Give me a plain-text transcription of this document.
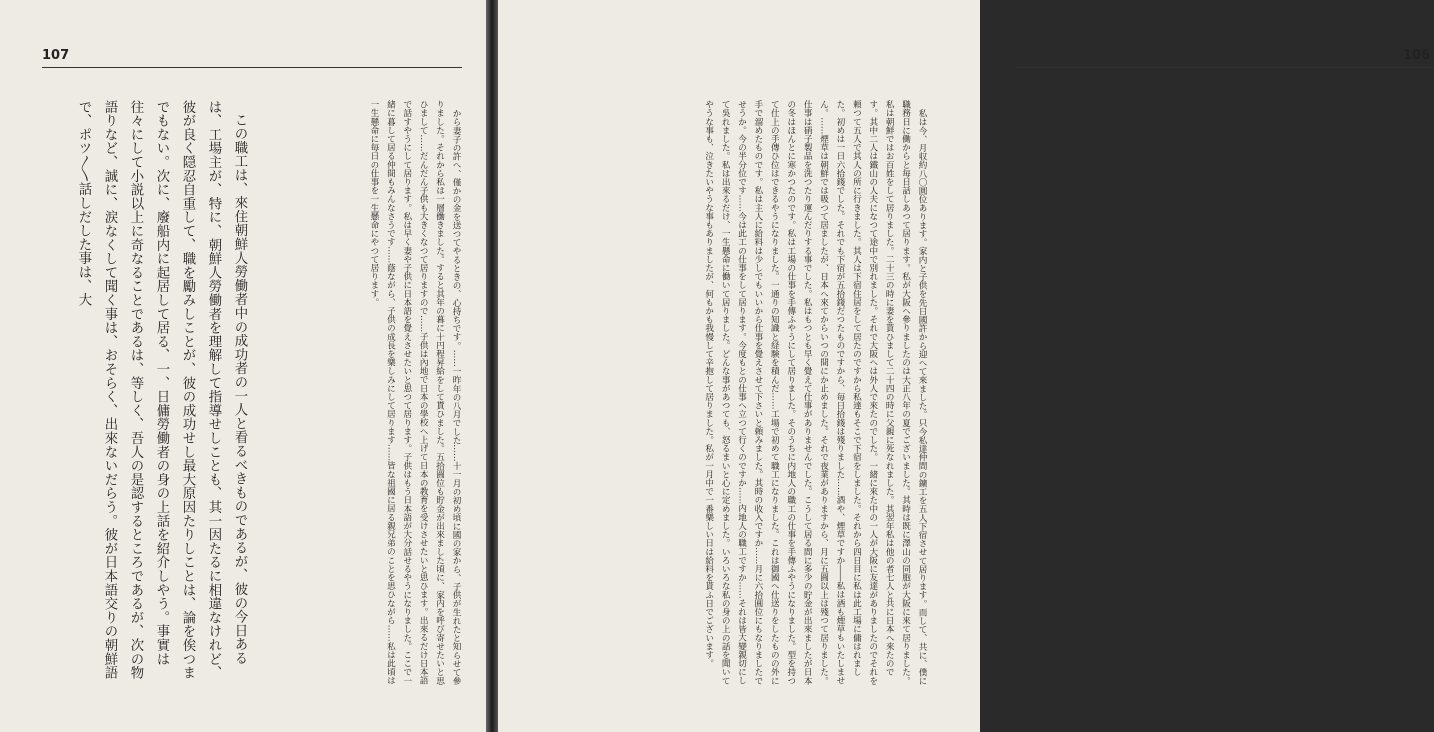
107	106

私は今、月収約八〇圓位あります。家内と子供を先日國許から迎へて來ました。只今私達仲間の鑛工を五人下宿させて居ります。而して、共に、僕に職務日に働からと毎日話しあつて居ります。私が大阪へ參りましたのは大正八年の夏でございました。其時は既に澤山の同胞が大阪に來て居りました。私は朝鮮ではお百姓をして居りました。二十三の時に妻を貰ひまして二十四の時に父親に死なれました。其翌年私は他の者七人と共に日本へ來たのです。其中二人は鐵山の人夫になつて途中で別れました。それで大阪へは外人で來たのでした。一緒に來た中の一人が大阪に友達がありましたのでそれを頼つて五人で其人の所に行きました。其人は下宿住居をして居たのですから私達もそこで下宿をしました。それから四日目に私は此工場に傭はれました。初めは一日六拾錢でした。それでも下宿が五拾錢だつたものですから、毎日拾錢は殘りました……酒や、煙草ですか――私は酒も煙草もいたしません。……煙草は朝鮮では吸つて居ましたが、日本へ來てからいつの間にか止めました。それで夜業がありますから、月に五圓以上は殘つて居りました。仕事は硝子製品を洗つたり運んだりする事でした。私はもつとも早く覺えて仕事がありませんでした。こうして居る間に多少の貯金が出來ましたが日本の冬はほんとに寒かつたのです。私は工場の仕事を手傳ふやうにして居りました。そのうちに内地人の職工の仕事を手傳ふやうになりました。型を持つて仕上の手傳ひ位はできるやうになりました。一通りの知識と経験を積んだ……工場で初めて職工になりました。これは御國へ仕送りをしたものの外に手で溜めたものです。私は主人に給料は少しでもいいから仕事を覺えさせて下さいと頼みました。其時の收入ですか……月に六拾圓位にもなりましたでせうか。今の半分位です……今は此工の仕事をして居ります。今度もとの仕事へ立つて行くのですか……内地人の職工ですか……それは皆大變親切にして吳れました。私は出來るだけ、一生懸命に働いて居りました。どんな事があつても、怒るまいと心に定めました。いろいろな私の身の上の話を聞いてやうな事も、泣きたいやうな事もありましたが、何もかも我慢して辛抱して居りました。私が一月中で一番樂しい日は給料を貰ふ日でございます。

から妻子の許へ、僅かの金を送つてやるときの、心持ちです。……一昨年の八月でした……十一月の初め頃に國の家から、子供が生れたと知らせて參りました。それから私は一層働きました。すると其年の暮に十円程昇給をして貰ひました。五拾圓位も貯金が出來ました頃に、家内を呼び寄せたいと思ひまして……だんだん子供も大きくなつて居りますので……子供は內地で日本の學校へ上げて日本の教育を受けさせたいと思ひます。出來るだけ日本語で話すやうにして居ります。私は早く妻や子供に日本語を覺えさせたいと思つて居ります。子供はもう日本語が大分話せるやうになりました。ここで一緒に暮して居る仲間もみんなさうです……蔭ながら、子供の成長を樂しみにして居ります……皆な祖國に居る親兄弟のことを思ひながら……私は此頃は一生懸命に毎日の仕事を一生懸命にやつて居ります。

この職工は、來住朝鮮人勞働者中の成功者の一人と看るべきものであるが、彼の今日あるは、工場主が、特に、朝鮮人勞働者を理解して指導せしことも、其一因たるに相違なけれど、彼が良く隠忍自重して、職を勵みしことが、彼の成功せし最大原因たりしことは、論を俟つまでもない。次に、廢船内に起居して居る、一、日傭勞働者の身の上話を紹介しやう。事實は往々にして小説以上に奇なることであるは、等しく、吾人の是認するところであるが、次の物語りなど、誠に、涙なくして聞く事は、おそらく、出來ないだらう。彼が日本語交りの朝鮮語で、ポツ〳〵話しだした事は、大
